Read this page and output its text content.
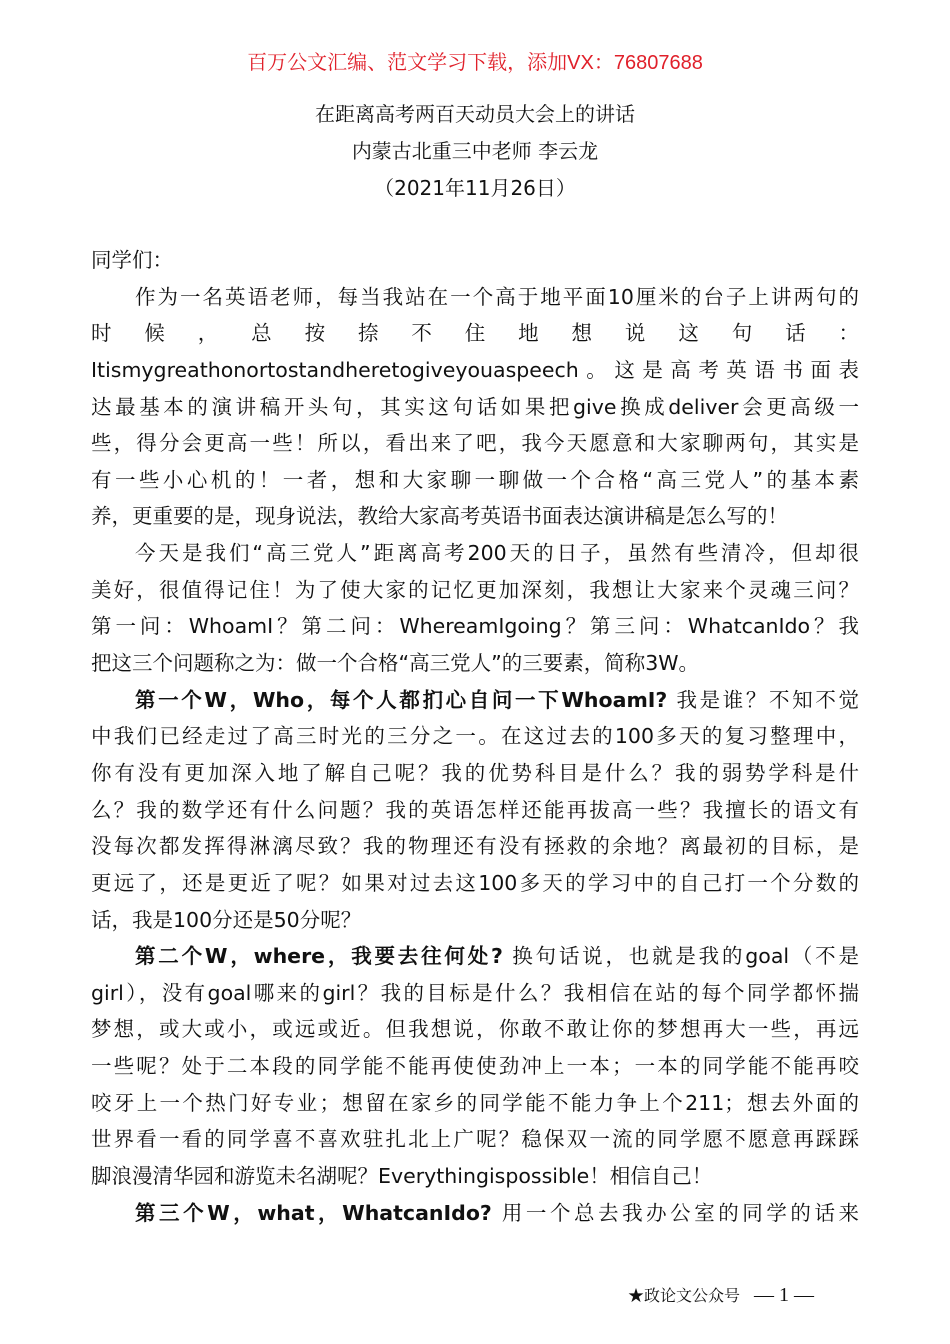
百万公文汇编、范文学习下载，添加VX：76807688
在距离高考两百天动员大会上的讲话
内蒙古北重三中老师 李云龙
（2021年11月26日）
同学们：
作为一名英语老师，每当我站在一个高于地平面10厘米的台子上讲两句的
时 候 ， 总 按 捺 不 住 地 想 说 这 句 话 ：
Itismygreathonortostandheretogiveyouaspeech。这是高考英语书面表
达最基本的演讲稿开头句，其实这句话如果把give换成deliver会更高级一
些，得分会更高一些！所以，看出来了吧，我今天愿意和大家聊两句，其实是
有一些小心机的！一者，想和大家聊一聊做一个合格“高三党人”的基本素
养，更重要的是，现身说法，教给大家高考英语书面表达演讲稿是怎么写的！
今天是我们“高三党人”距离高考200天的日子，虽然有些清冷，但却很
美好，很值得记住！为了使大家的记忆更加深刻，我想让大家来个灵魂三问？
第一问：WhoamI？第二问：WhereamIgoing？第三问：WhatcanIdo？我
把这三个问题称之为：做一个合格“高三党人”的三要素，简称3W。
第一个W，Who，每个人都扪心自问一下WhoamI? 我是谁？不知不觉
中我们已经走过了高三时光的三分之一。在这过去的100多天的复习整理中，
你有没有更加深入地了解自己呢？我的优势科目是什么？我的弱势学科是什
么？我的数学还有什么问题？我的英语怎样还能再拔高一些？我擅长的语文有
没每次都发挥得淋漓尽致？我的物理还有没有拯救的余地？离最初的目标，是
更远了，还是更近了呢？如果对过去这100多天的学习中的自己打一个分数的
话，我是100分还是50分呢？
第二个W，where，我要去往何处? 换句话说，也就是我的goal（不是
girl），没有goal哪来的girl？我的目标是什么？我相信在站的每个同学都怀揣
梦想，或大或小，或远或近。但我想说，你敢不敢让你的梦想再大一些，再远
一些呢？处于二本段的同学能不能再使使劲冲上一本；一本的同学能不能再咬
咬牙上一个热门好专业；想留在家乡的同学能不能力争上个211；想去外面的
世界看一看的同学喜不喜欢驻扎北上广呢？稳保双一流的同学愿不愿意再踩踩
脚浪漫清华园和游览未名湖呢？Everythingispossible！相信自己！
第三个W，what，WhatcanIdo? 用一个总去我办公室的同学的话来
★政论文公众号 — 1 —
